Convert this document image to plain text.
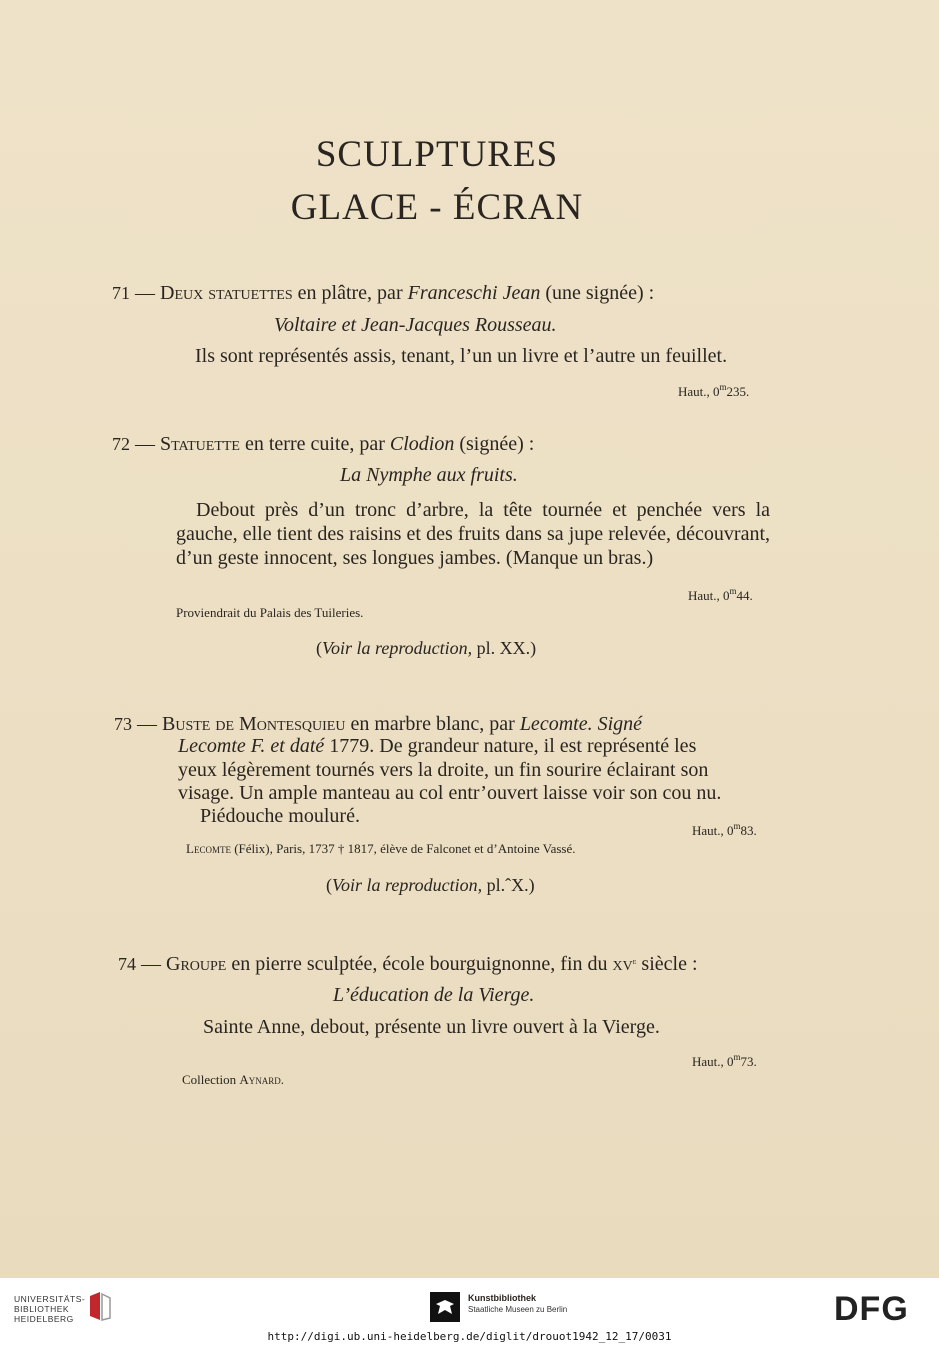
SCULPTURES
GLACE - ÉCRAN
71 — Deux statuettes en plâtre, par Franceschi Jean (une signée) :
Voltaire et Jean-Jacques Rousseau.
Ils sont représentés assis, tenant, l’un un livre et l’autre un feuillet.
Haut., 0$^m$235.
72 — Statuette en terre cuite, par Clodion (signée) :
La Nymphe aux fruits.
Debout près d’un tronc d’arbre, la tête tournée et penchée vers la gauche, elle tient des raisins et des fruits dans sa jupe relevée, découvrant, d’un geste innocent, ses longues jambes. (Manque un bras.)
Haut., 0$^m$44.
Proviendrait du Palais des Tuileries.
(Voir la reproduction, pl. XX.)
73 — Buste de Montesquieu en marbre blanc, par Lecomte. Signé
Lecomte F. et daté 1779. De grandeur nature, il est représenté les
yeux légèrement tournés vers la droite, un fin sourire éclairant son
visage. Un ample manteau au col entr’ouvert laisse voir son cou nu.
Piédouche mouluré.
Haut., 0$^m$83.
Lecomte (Félix), Paris, 1737 † 1817, élève de Falconet et d’Antoine Vassé.
(Voir la reproduction, pl.ˆX.)
74 — Groupe en pierre sculptée, école bourguignonne, fin du $xv^e$ siècle :
L’éducation de la Vierge.
Sainte Anne, debout, présente un livre ouvert à la Vierge.
Haut., 0$^m$73.
Collection Aynard.
UNIVERSITÄTS-
BIBLIOTHEK
HEIDELBERG
Kunstbibliothek
Staatliche Museen zu Berlin	DFG
http://digi.ub.uni-heidelberg.de/diglit/drouot1942_12_17/0031
